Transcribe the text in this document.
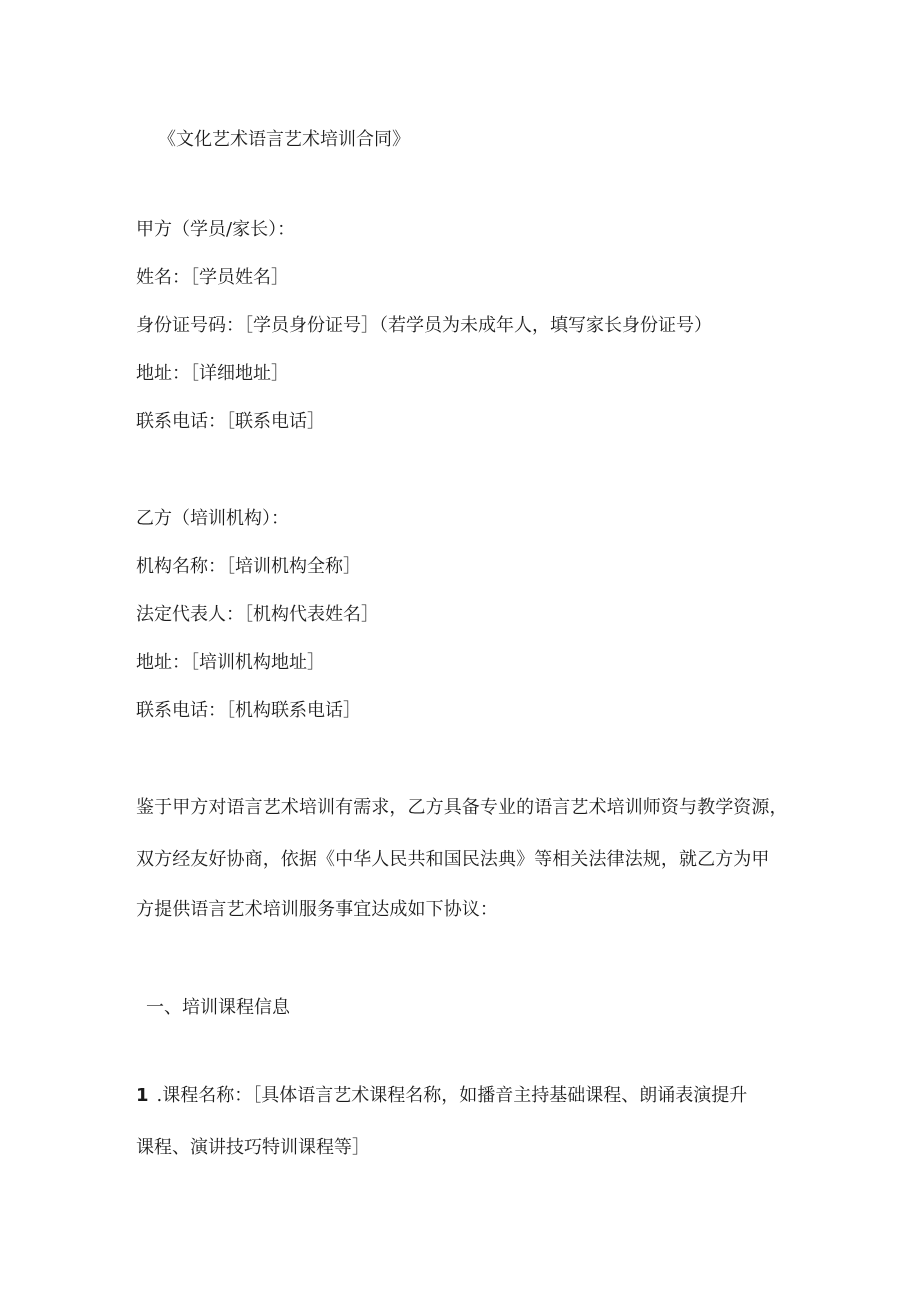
《文化艺术语言艺术培训合同》

甲方（学员/家长）：

姓名：［学员姓名］

身份证号码：［学员身份证号］（若学员为未成年人，填写家长身份证号）

地址：［详细地址］

联系电话：［联系电话］

乙方（培训机构）：

机构名称：［培训机构全称］

法定代表人：［机构代表姓名］

地址：［培训机构地址］

联系电话：［机构联系电话］

鉴于甲方对语言艺术培训有需求，乙方具备专业的语言艺术培训师资与教学资源，

双方经友好协商，依据《中华人民共和国民法典》等相关法律法规，就乙方为甲

方提供语言艺术培训服务事宜达成如下协议：

一、培训课程信息

1 .课程名称：［具体语言艺术课程名称，如播音主持基础课程、朗诵表演提升

课程、演讲技巧特训课程等］
